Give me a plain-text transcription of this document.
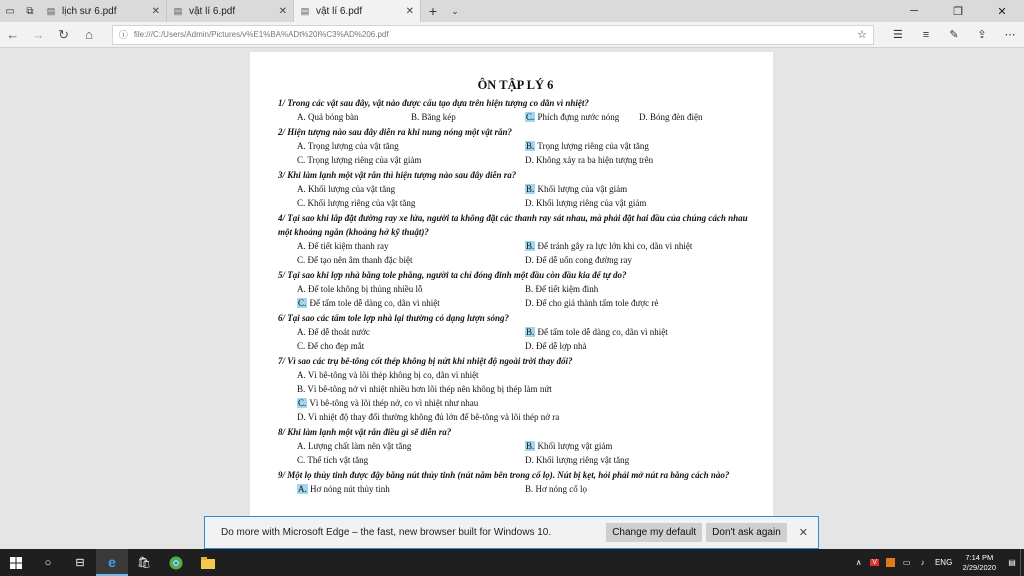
▭	⧉	▤ lịch sư 6.pdf	✕ ▤ vật lí 6.pdf	✕ ▤ vật lí 6.pdf	✕	+	⌄	─	❐	✕
← →	↻	⌂	ⓘ file:///C:/Users/Admin/Pictures/v%E1%BA%ADt%20l%C3%AD%206.pdf	☆	☰	≡	✎	⇪	⋯
ÔN TẬP LÝ 6
1/ Trong các vật sau đây, vật nào được cấu tạo dựa trên hiện tượng co dãn vì nhiệt?
A. Quả bóng bàn	B. Băng kép	C. Phích đựng nước nóng	D. Bóng đèn điện
2/ Hiện tượng nào sau đây diễn ra khi nung nóng một vật rắn?
A. Trọng lượng của vật tăng	B. Trọng lượng riêng của vật tăng
C. Trọng lượng riêng của vật giảm	D. Không xảy ra ba hiện tượng trên
3/ Khi làm lạnh một vật rắn thì hiện tượng nào sau đây diễn ra?
A. Khối lượng của vật tăng	B. Khối lượng của vật giảm
C. Khối lượng riêng của vật tăng	D. Khối lượng riêng của vật giảm
4/ Tại sao khi lắp đặt đường ray xe lửa, người ta không đặt các thanh ray sát nhau, mà phải đặt hai đầu của chúng cách nhau một khoảng ngắn (khoảng hở kỹ thuật)?
A. Để tiết kiệm thanh ray	B. Để tránh gây ra lực lớn khi co, dãn vì nhiệt
C. Để tạo nên âm thanh đặc biệt	D. Để dễ uốn cong đường ray
5/ Tại sao khi lợp nhà bằng tole phẳng, người ta chỉ đóng đinh một đầu còn đầu kia để tự do?
A. Để tole không bị thủng nhiều lỗ	B. Để tiết kiệm đinh
C. Để tấm tole dễ dàng co, dãn vì nhiệt	D. Để cho giá thành tấm tole được rẻ
6/ Tại sao các tấm tole lợp nhà lại thường có dạng lượn sóng?
A. Để dễ thoát nước	B. Để tấm tole dễ dàng co, dãn vì nhiệt
C. Để cho đẹp mắt	D. Để dễ lợp nhà
7/ Vì sao các trụ bê-tông cốt thép không bị nứt khi nhiệt độ ngoài trời thay đổi?
A. Vì bê-tông và lõi thép không bị co, dãn vì nhiệt
B. Vì bê-tông nở vì nhiệt nhiều hơn lõi thép nên không bị thép làm nứt
C. Vì bê-tông và lõi thép nở, co vì nhiệt như nhau
D. Vì nhiệt độ thay đổi thường không đủ lớn để bê-tông và lõi thép nở ra
8/ Khi làm lạnh một vật rắn điều gì sẽ diễn ra?
A. Lượng chất làm nên vật tăng	B. Khối lượng vật giảm
C. Thể tích vật tăng	D. Khối lượng riêng vật tăng
9/ Một lọ thủy tinh được đậy bằng nút thủy tinh (nút nằm bên trong cổ lọ). Nút bị kẹt, hỏi phải mở nút ra bằng cách nào?
A. Hơ nóng nút thủy tinh	B. Hơ nóng cổ lọ
Do more with Microsoft Edge – the fast, new browser built for Windows 10.	Change my default	Don't ask again	✕
○	⊟	e 🛍	∧	V	▭	♪	ENG
7:14 PM
2/29/2020	▤
